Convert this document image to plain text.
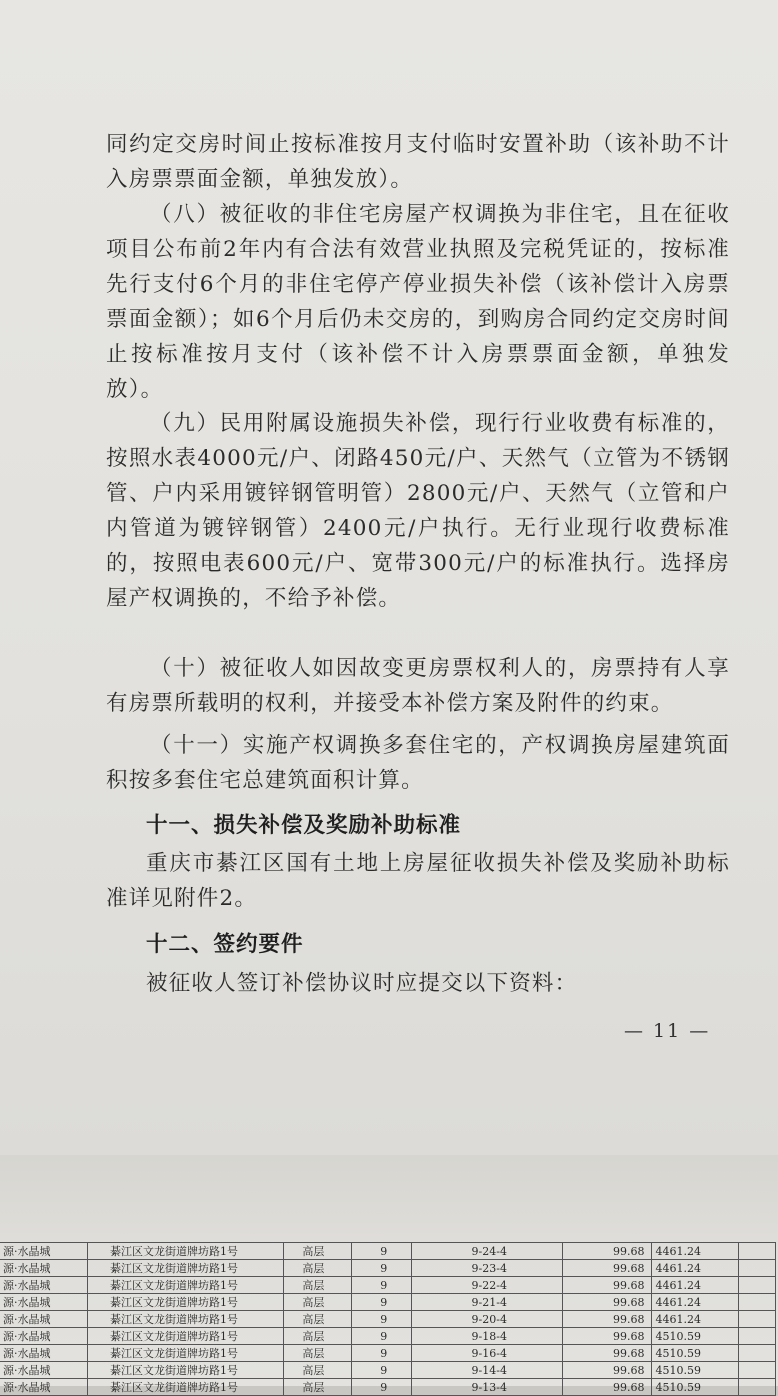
同约定交房时间止按标准按月支付临时安置补助（该补助不计入房票票面金额，单独发放）。

（八）被征收的非住宅房屋产权调换为非住宅，且在征收项目公布前2年内有合法有效营业执照及完税凭证的，按标准先行支付6个月的非住宅停产停业损失补偿（该补偿计入房票票面金额）；如6个月后仍未交房的，到购房合同约定交房时间止按标准按月支付（该补偿不计入房票票面金额，单独发放）。

（九）民用附属设施损失补偿，现行行业收费有标准的，按照水表4000元/户、闭路450元/户、天然气（立管为不锈钢管、户内采用镀锌钢管明管）2800元/户、天然气（立管和户内管道为镀锌钢管）2400元/户执行。无行业现行收费标准的，按照电表600元/户、宽带300元/户的标准执行。选择房屋产权调换的，不给予补偿。

（十）被征收人如因故变更房票权利人的，房票持有人享有房票所载明的权利，并接受本补偿方案及附件的约束。

（十一）实施产权调换多套住宅的，产权调换房屋建筑面积按多套住宅总建筑面积计算。

十一、损失补偿及奖励补助标准

重庆市綦江区国有土地上房屋征收损失补偿及奖励补助标准详见附件2。

十二、签约要件

被征收人签订补偿协议时应提交以下资料：

— 11 —
源·水晶城	綦江区文龙街道牌坊路1号	高层	9	9-24-4	99.68	4461.24	
源·水晶城	綦江区文龙街道牌坊路1号	高层	9	9-23-4	99.68	4461.24	
源·水晶城	綦江区文龙街道牌坊路1号	高层	9	9-22-4	99.68	4461.24	
源·水晶城	綦江区文龙街道牌坊路1号	高层	9	9-21-4	99.68	4461.24	
源·水晶城	綦江区文龙街道牌坊路1号	高层	9	9-20-4	99.68	4461.24	
源·水晶城	綦江区文龙街道牌坊路1号	高层	9	9-18-4	99.68	4510.59	
源·水晶城	綦江区文龙街道牌坊路1号	高层	9	9-16-4	99.68	4510.59	
源·水晶城	綦江区文龙街道牌坊路1号	高层	9	9-14-4	99.68	4510.59	
源·水晶城	綦江区文龙街道牌坊路1号	高层	9	9-13-4	99.68	4510.59	
